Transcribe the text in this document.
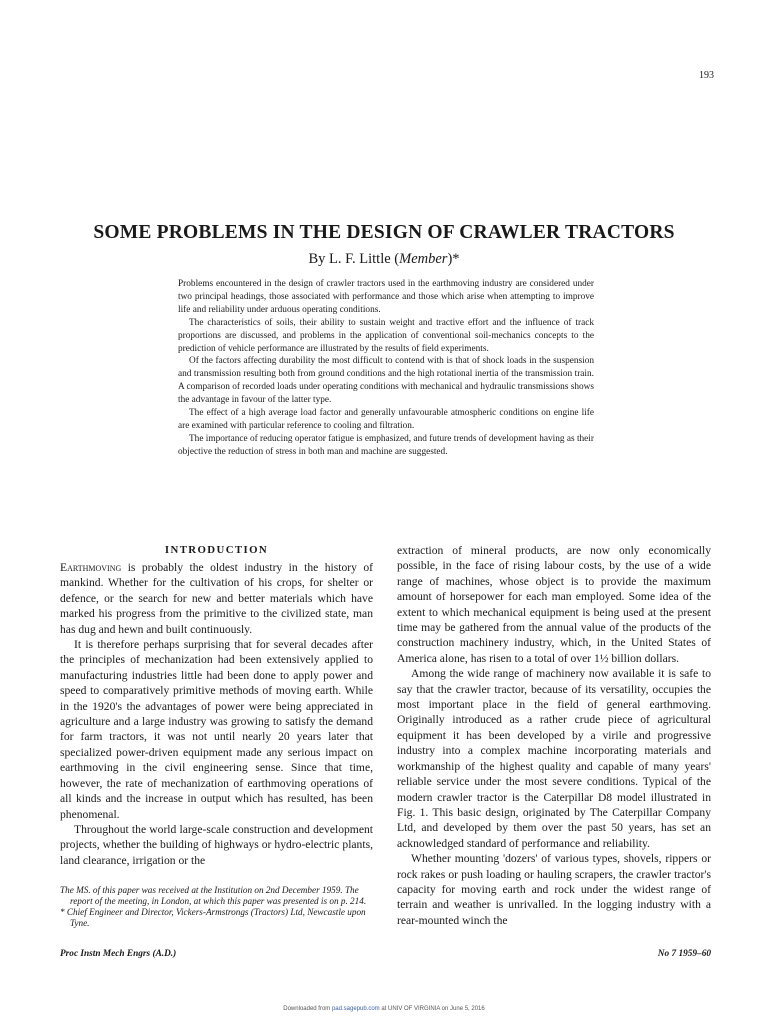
193
SOME PROBLEMS IN THE DESIGN OF CRAWLER TRACTORS
By L. F. Little (Member)*

Problems encountered in the design of crawler tractors used in the earthmoving industry are considered under two principal headings, those associated with performance and those which arise when attempting to improve life and reliability under arduous operating conditions.

The characteristics of soils, their ability to sustain weight and tractive effort and the influence of track proportions are discussed, and problems in the application of conventional soil-mechanics concepts to the prediction of vehicle performance are illustrated by the results of field experiments.

Of the factors affecting durability the most difficult to contend with is that of shock loads in the suspension and transmission resulting both from ground conditions and the high rotational inertia of the transmission train. A comparison of recorded loads under operating conditions with mechanical and hydraulic transmissions shows the advantage in favour of the latter type.

The effect of a high average load factor and generally unfavourable atmospheric conditions on engine life are examined with particular reference to cooling and filtration.

The importance of reducing operator fatigue is emphasized, and future trends of development having as their objective the reduction of stress in both man and machine are suggested.

INTRODUCTION

Earthmoving is probably the oldest industry in the history of mankind. Whether for the cultivation of his crops, for shelter or defence, or the search for new and better materials which have marked his progress from the primitive to the civilized state, man has dug and hewn and built continuously.

It is therefore perhaps surprising that for several decades after the principles of mechanization had been extensively applied to manufacturing industries little had been done to apply power and speed to comparatively primitive methods of moving earth. While in the 1920's the advantages of power were being appreciated in agriculture and a large industry was growing to satisfy the demand for farm tractors, it was not until nearly 20 years later that specialized power-driven equipment made any serious impact on earthmoving in the civil engineering sense. Since that time, however, the rate of mechanization of earthmoving operations of all kinds and the increase in output which has resulted, has been phenomenal.

Throughout the world large-scale construction and development projects, whether the building of highways or hydro-electric plants, land clearance, irrigation or the

extraction of mineral products, are now only economically possible, in the face of rising labour costs, by the use of a wide range of machines, whose object is to provide the maximum amount of horsepower for each man employed. Some idea of the extent to which mechanical equipment is being used at the present time may be gathered from the annual value of the products of the construction machinery industry, which, in the United States of America alone, has risen to a total of over 1½ billion dollars.

Among the wide range of machinery now available it is safe to say that the crawler tractor, because of its versatility, occupies the most important place in the field of general earthmoving. Originally introduced as a rather crude piece of agricultural equipment it has been developed by a virile and progressive industry into a complex machine incorporating materials and workmanship of the highest quality and capable of many years' reliable service under the most severe conditions. Typical of the modern crawler tractor is the Caterpillar D8 model illustrated in Fig. 1. This basic design, originated by The Caterpillar Company Ltd, and developed by them over the past 50 years, has set an acknowledged standard of performance and reliability.

Whether mounting 'dozers' of various types, shovels, rippers or rock rakes or push loading or hauling scrapers, the crawler tractor's capacity for moving earth and rock under the widest range of terrain and weather is unrivalled. In the logging industry with a rear-mounted winch the

The MS. of this paper was received at the Institution on 2nd December 1959. The report of the meeting, in London, at which this paper was presented is on p. 214.

* Chief Engineer and Director, Vickers-Armstrongs (Tractors) Ltd, Newcastle upon Tyne.

Proc Instn Mech Engrs (A.D.)	No 7 1959–60
Downloaded from pad.sagepub.com at UNIV OF VIRGINIA on June 5, 2016
